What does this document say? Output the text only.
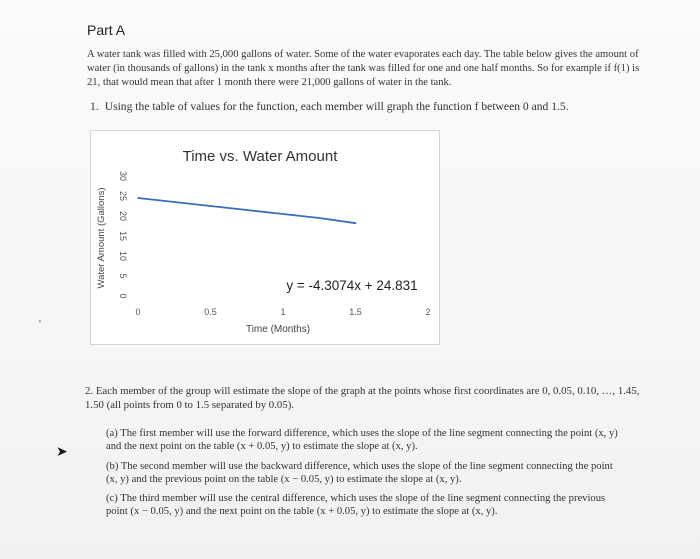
Part A
A water tank was filled with 25,000 gallons of water. Some of the water evaporates each day. The table below gives the amount of water (in thousands of gallons) in the tank x months after the tank was filled for one and one half months. So for example if f(1) is 21, that would mean that after 1 month there were 21,000 gallons of water in the tank.
1. Using the table of values for the function, each member will graph the function f between 0 and 1.5.
Time vs. Water Amount
0
5
10
15
20
25
30
0	0.5	1	1.5	2
Water Amount (Gallons)
Time (Months)
y = -4.3074x + 24.831
'
2. Each member of the group will estimate the slope of the graph at the points whose first coordinates are 0, 0.05, 0.10, …, 1.45, 1.50 (all points from 0 to 1.5 separated by 0.05).
(a) The first member will use the forward difference, which uses the slope of the line segment connecting the point (x, y) and the next point on the table (x + 0.05, y) to estimate the slope at (x, y).
(b) The second member will use the backward difference, which uses the slope of the line segment connecting the point (x, y) and the previous point on the table (x − 0.05, y) to estimate the slope at (x, y).
(c) The third member will use the central difference, which uses the slope of the line segment connecting the previous point (x − 0.05, y) and the next point on the table (x + 0.05, y) to estimate the slope at (x, y).
➤
